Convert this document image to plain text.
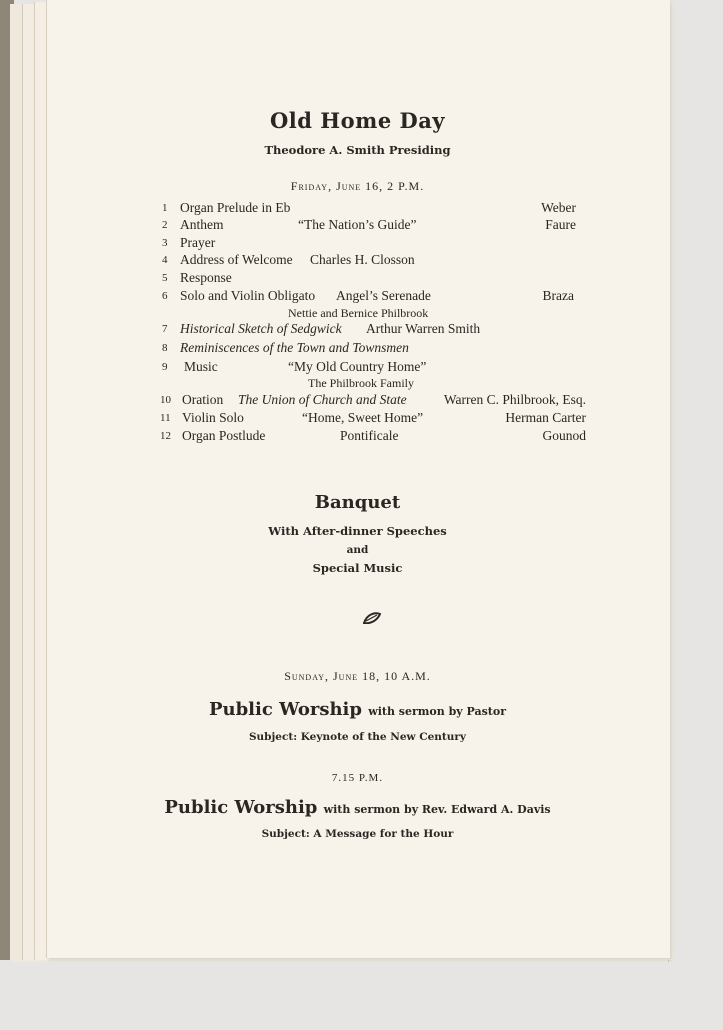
Old Home Day
Theodore A. Smith Presiding
Friday, June 16, 2 P.M.
1 Organ Prelude in Eb	Weber
2 Anthem	“The Nation’s Guide”	Faure
3 Prayer
4 Address of Welcome Charles H. Closson
5 Response
6 Solo and Violin Obligato Angel’s Serenade	Braza
Nettie and Bernice Philbrook
7 Historical Sketch of Sedgwick Arthur Warren Smith
8 Reminiscences of the Town and Townsmen
9 Music	“My Old Country Home”
The Philbrook Family
10 Oration The Union of Church and State	Warren C. Philbrook, Esq.
11 Violin Solo	“Home, Sweet Home”	Herman Carter
12 Organ Postlude	Pontificale	Gounod
Banquet
With After-dinner Speeches
and
Special Music
Sunday, June 18, 10 A.M.
Public Worship with sermon by Pastor
Subject: Keynote of the New Century
7.15 P.M.
Public Worship with sermon by Rev. Edward A. Davis
Subject: A Message for the Hour
